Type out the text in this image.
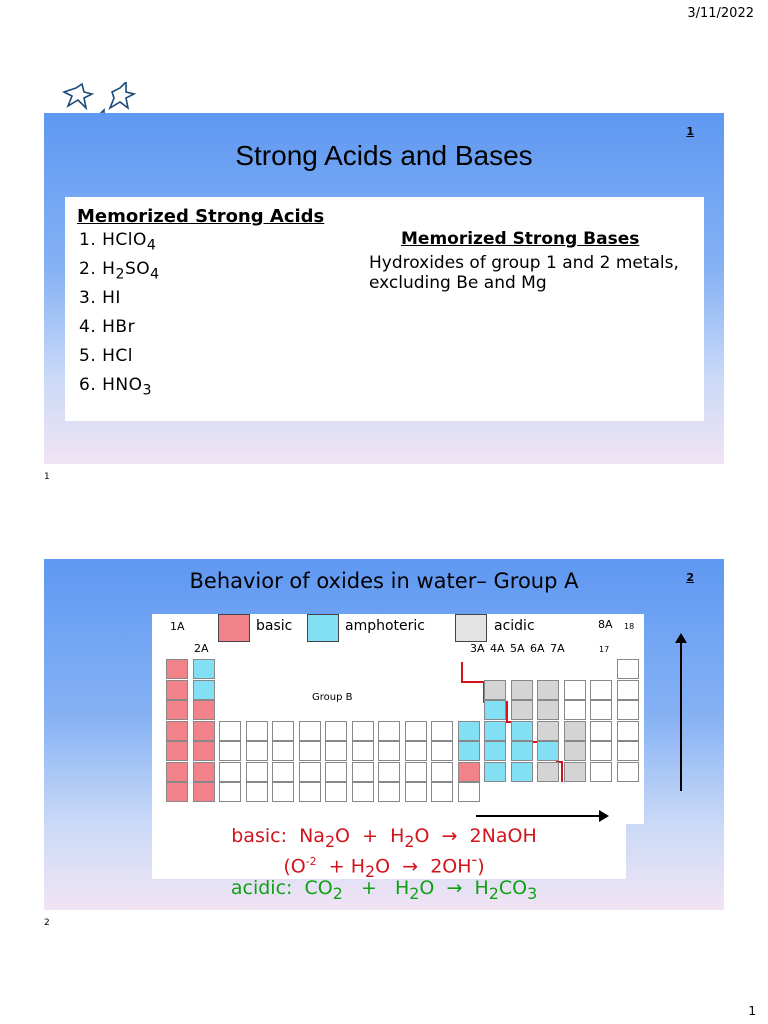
3/11/2022
1
Strong Acids and Bases
Memorized Strong Acids
1. HClO$_4$
2. $H_2SO_4$
3. HI
4. HBr
5. HCl
6. $HNO_3$
Memorized Strong Bases
Hydroxides of group 1 and 2 metals, excluding Be and Mg
1
2
Behavior of oxides in water– Group A
1A	basic	amphoteric	acidic	8A 18
2A	3A 4A 5A 6A 7A	17
Group B
basic: $Na_2O + H_2O$ → 2NaOH
$(O^{-2} + H_2O \to 2OH^-)$
acidic: $CO_2 + H_2O \to H_2CO_3$
2
1
